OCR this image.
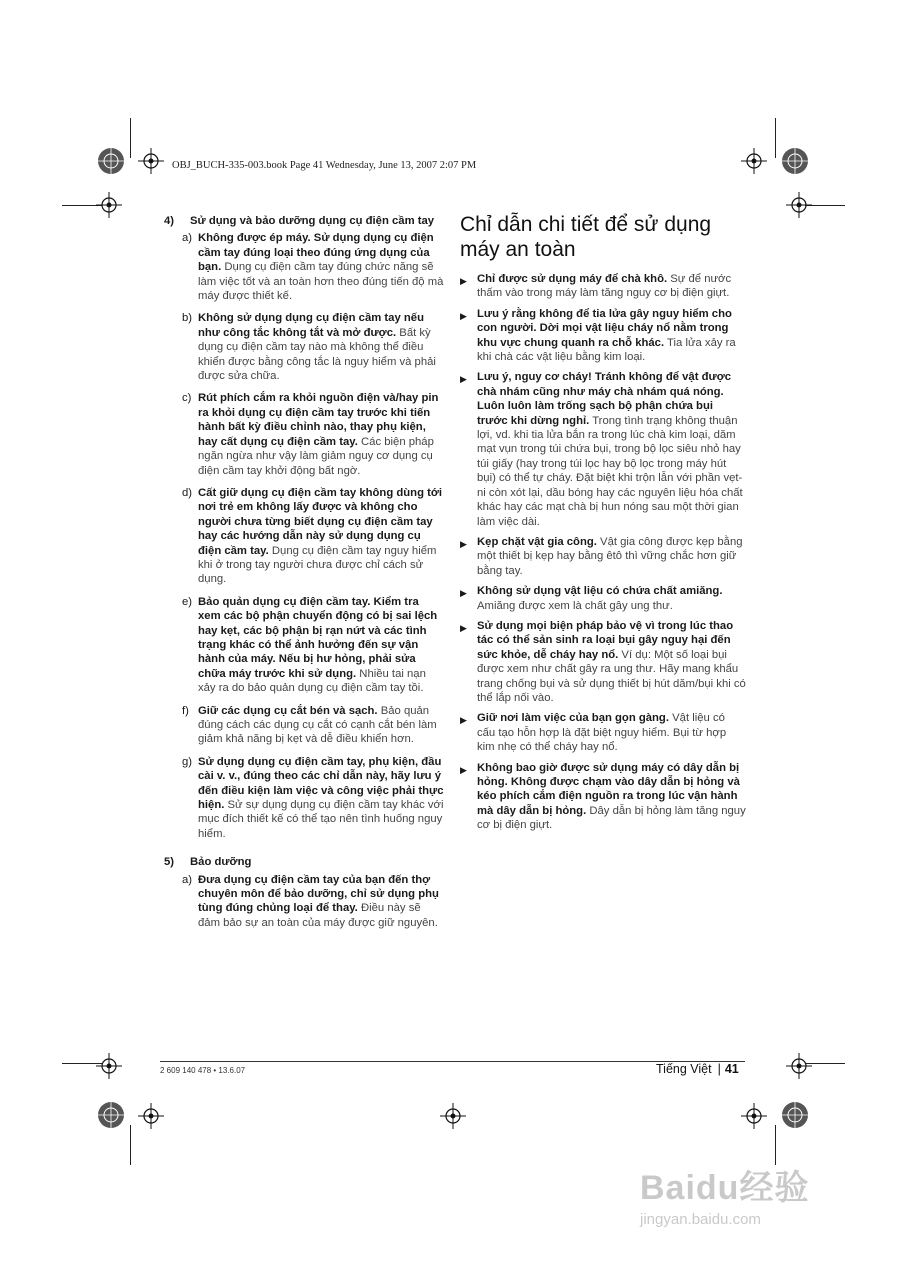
OBJ_BUCH-335-003.book Page 41 Wednesday, June 13, 2007 2:07 PM
4)	Sử dụng và bảo dưỡng dụng cụ điện cầm tay
a) Không được ép máy. Sử dụng dụng cụ điện cầm tay đúng loại theo đúng ứng dụng của bạn. Dụng cụ điện cầm tay đúng chức năng sẽ làm việc tốt và an toàn hơn theo đúng tiến độ mà máy được thiết kế.
b) Không sử dụng dụng cụ điện cầm tay nếu như công tắc không tắt và mở được. Bất kỳ dụng cụ điện cầm tay nào mà không thể điều khiển được bằng công tắc là nguy hiểm và phải được sửa chữa.
c) Rút phích cắm ra khỏi nguồn điện và/hay pin ra khỏi dụng cụ điện cầm tay trước khi tiến hành bất kỳ điều chỉnh nào, thay phụ kiện, hay cất dụng cụ điện cầm tay. Các biện pháp ngăn ngừa như vậy làm giảm nguy cơ dụng cụ điện cầm tay khởi động bất ngờ.
d) Cất giữ dụng cụ điện cầm tay không dùng tới nơi trẻ em không lấy được và không cho người chưa từng biết dụng cụ điện cầm tay hay các hướng dẫn này sử dụng dụng cụ điện cầm tay. Dụng cụ điện cầm tay nguy hiểm khi ở trong tay người chưa được chỉ cách sử dụng.
e) Bảo quản dụng cụ điện cầm tay. Kiểm tra xem các bộ phận chuyển động có bị sai lệch hay kẹt, các bộ phận bị rạn nứt và các tình trạng khác có thể ảnh hưởng đến sự vận hành của máy. Nếu bị hư hỏng, phải sửa chữa máy trước khi sử dụng. Nhiều tai nạn xảy ra do bảo quản dụng cụ điện cầm tay tồi.
f) Giữ các dụng cụ cắt bén và sạch. Bảo quản đúng cách các dụng cụ cắt có cạnh cắt bén làm giảm khả năng bị kẹt và dễ điều khiển hơn.
g) Sử dụng dụng cụ điện cầm tay, phụ kiện, đầu cài v. v., đúng theo các chỉ dẫn này, hãy lưu ý đến điều kiện làm việc và công việc phải thực hiện. Sử sự dụng dụng cụ điện cầm tay khác với mục đích thiết kế có thể tạo nên tình huống nguy hiểm.
5)	Bảo dưỡng
a) Đưa dụng cụ điện cầm tay của bạn đến thợ chuyên môn để bảo dưỡng, chỉ sử dụng phụ tùng đúng chủng loại để thay. Điều này sẽ đảm bảo sự an toàn của máy được giữ nguyên.
Chỉ dẫn chi tiết để sử dụng máy an toàn
▶ Chỉ được sử dụng máy để chà khô. Sự để nước thấm vào trong máy làm tăng nguy cơ bị điện giựt.
▶ Lưu ý rằng không để tia lửa gây nguy hiểm cho con người. Dời mọi vật liệu cháy nổ nằm trong khu vực chung quanh ra chỗ khác. Tia lửa xảy ra khi chà các vật liệu bằng kim loại.
▶ Lưu ý, nguy cơ cháy! Tránh không để vật được chà nhám cũng như máy chà nhám quá nóng. Luôn luôn làm trống sạch bộ phận chứa bụi trước khi dừng nghỉ. Trong tình trạng không thuận lợi, vd. khi tia lửa bắn ra trong lúc chà kim loại, dăm mạt vụn trong túi chứa bụi, trong bộ lọc siêu nhỏ hay túi giấy (hay trong túi lọc hay bộ lọc trong máy hút bụi) có thể tự cháy. Đặt biệt khi trộn lẫn với phần vẹt-ni còn xót lại, dầu bóng hay các nguyên liệu hóa chất khác hay các mạt chà bị hun nóng sau một thời gian làm việc dài.
▶ Kẹp chặt vật gia công. Vật gia công được kẹp bằng một thiết bị kẹp hay bằng êtô thì vững chắc hơn giữ bằng tay.
▶ Không sử dụng vật liệu có chứa chất amiăng. Amiăng được xem là chất gây ung thư.
▶ Sử dụng mọi biện pháp bảo vệ vì trong lúc thao tác có thể sản sinh ra loại bụi gây nguy hại đến sức khỏe, dễ cháy hay nổ. Ví dụ: Một số loại bụi được xem như chất gây ra ung thư. Hãy mang khẩu trang chống bụi và sử dụng thiết bị hút dăm/bụi khi có thể lắp nối vào.
▶ Giữ nơi làm việc của bạn gọn gàng. Vật liệu có cấu tạo hỗn hợp là đặt biệt nguy hiểm. Bụi từ hợp kim nhẹ có thể cháy hay nổ.
▶ Không bao giờ được sử dụng máy có dây dẫn bị hỏng. Không được chạm vào dây dẫn bị hỏng và kéo phích cắm điện nguồn ra trong lúc vận hành mà dây dẫn bị hỏng. Dây dẫn bị hỏng làm tăng nguy cơ bị điện giựt.
2 609 140 478 • 13.6.07	Tiếng Việt | 41
Baidu经验
jingyan.baidu.com
